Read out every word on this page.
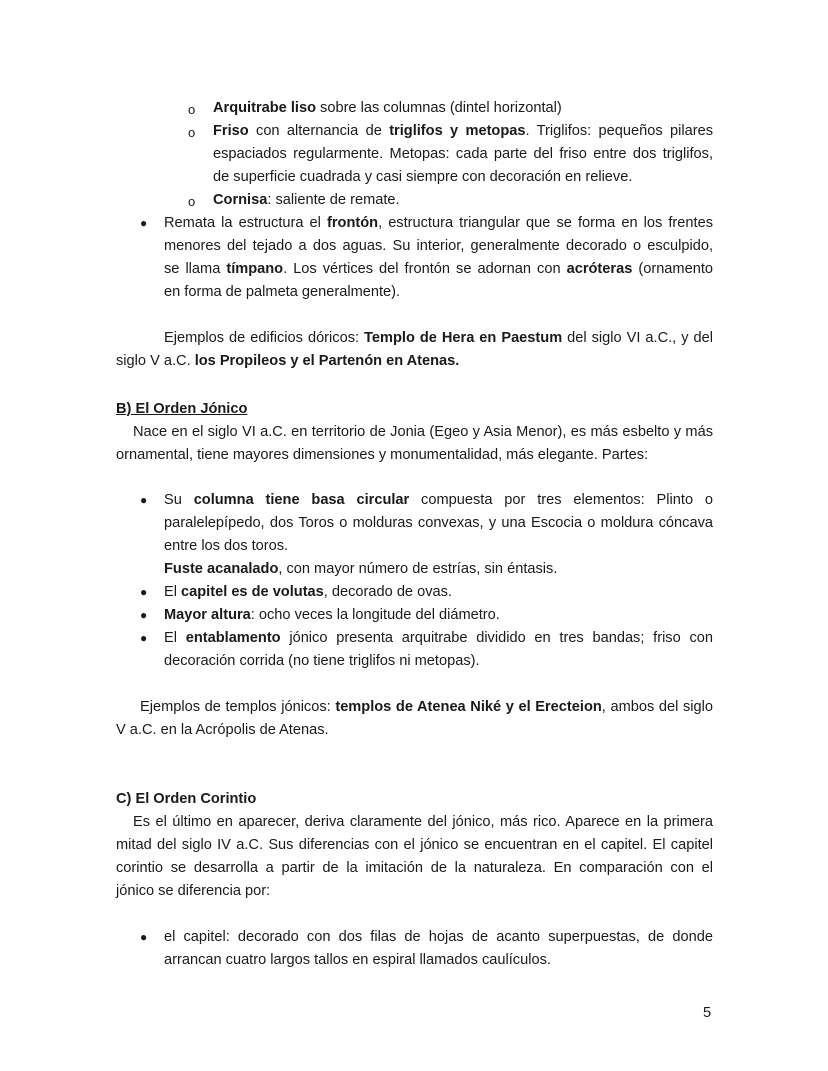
o Arquitrabe liso sobre las columnas (dintel horizontal)
o Friso con alternancia de triglifos y metopas. Triglifos: pequeños pilares
espaciados regularmente. Metopas: cada parte del friso entre dos triglifos,
de superficie cuadrada y casi siempre con decoración en relieve.
o Cornisa: saliente de remate.
● Remata la estructura el frontón, estructura triangular que se forma en los frentes
menores del tejado a dos aguas. Su interior, generalmente decorado o esculpido,
se llama tímpano. Los vértices del frontón se adornan con acróteras (ornamento
en forma de palmeta generalmente).
Ejemplos de edificios dóricos: Templo de Hera en Paestum del siglo VI a.C., y del
siglo V a.C. los Propileos y el Partenón en Atenas.
B) El Orden Jónico
Nace en el siglo VI a.C. en territorio de Jonia (Egeo y Asia Menor), es más esbelto y más
ornamental, tiene mayores dimensiones y monumentalidad, más elegante. Partes:
● Su columna tiene basa circular compuesta por tres elementos: Plinto o
paralelepípedo, dos Toros o molduras convexas, y una Escocia o moldura cóncava
entre los dos toros.
Fuste acanalado, con mayor número de estrías, sin éntasis.
● El capitel es de volutas, decorado de ovas.
● Mayor altura: ocho veces la longitude del diámetro.
● El entablamento jónico presenta arquitrabe dividido en tres bandas; friso con
decoración corrida (no tiene triglifos ni metopas).
Ejemplos de templos jónicos: templos de Atenea Niké y el Erecteion, ambos del siglo
V a.C. en la Acrópolis de Atenas.
C) El Orden Corintio
Es el último en aparecer, deriva claramente del jónico, más rico. Aparece en la primera
mitad del siglo IV a.C. Sus diferencias con el jónico se encuentran en el capitel. El capitel
corintio se desarrolla a partir de la imitación de la naturaleza. En comparación con el
jónico se diferencia por:
● el capitel: decorado con dos filas de hojas de acanto superpuestas, de donde
arrancan cuatro largos tallos en espiral llamados caulículos.
5
